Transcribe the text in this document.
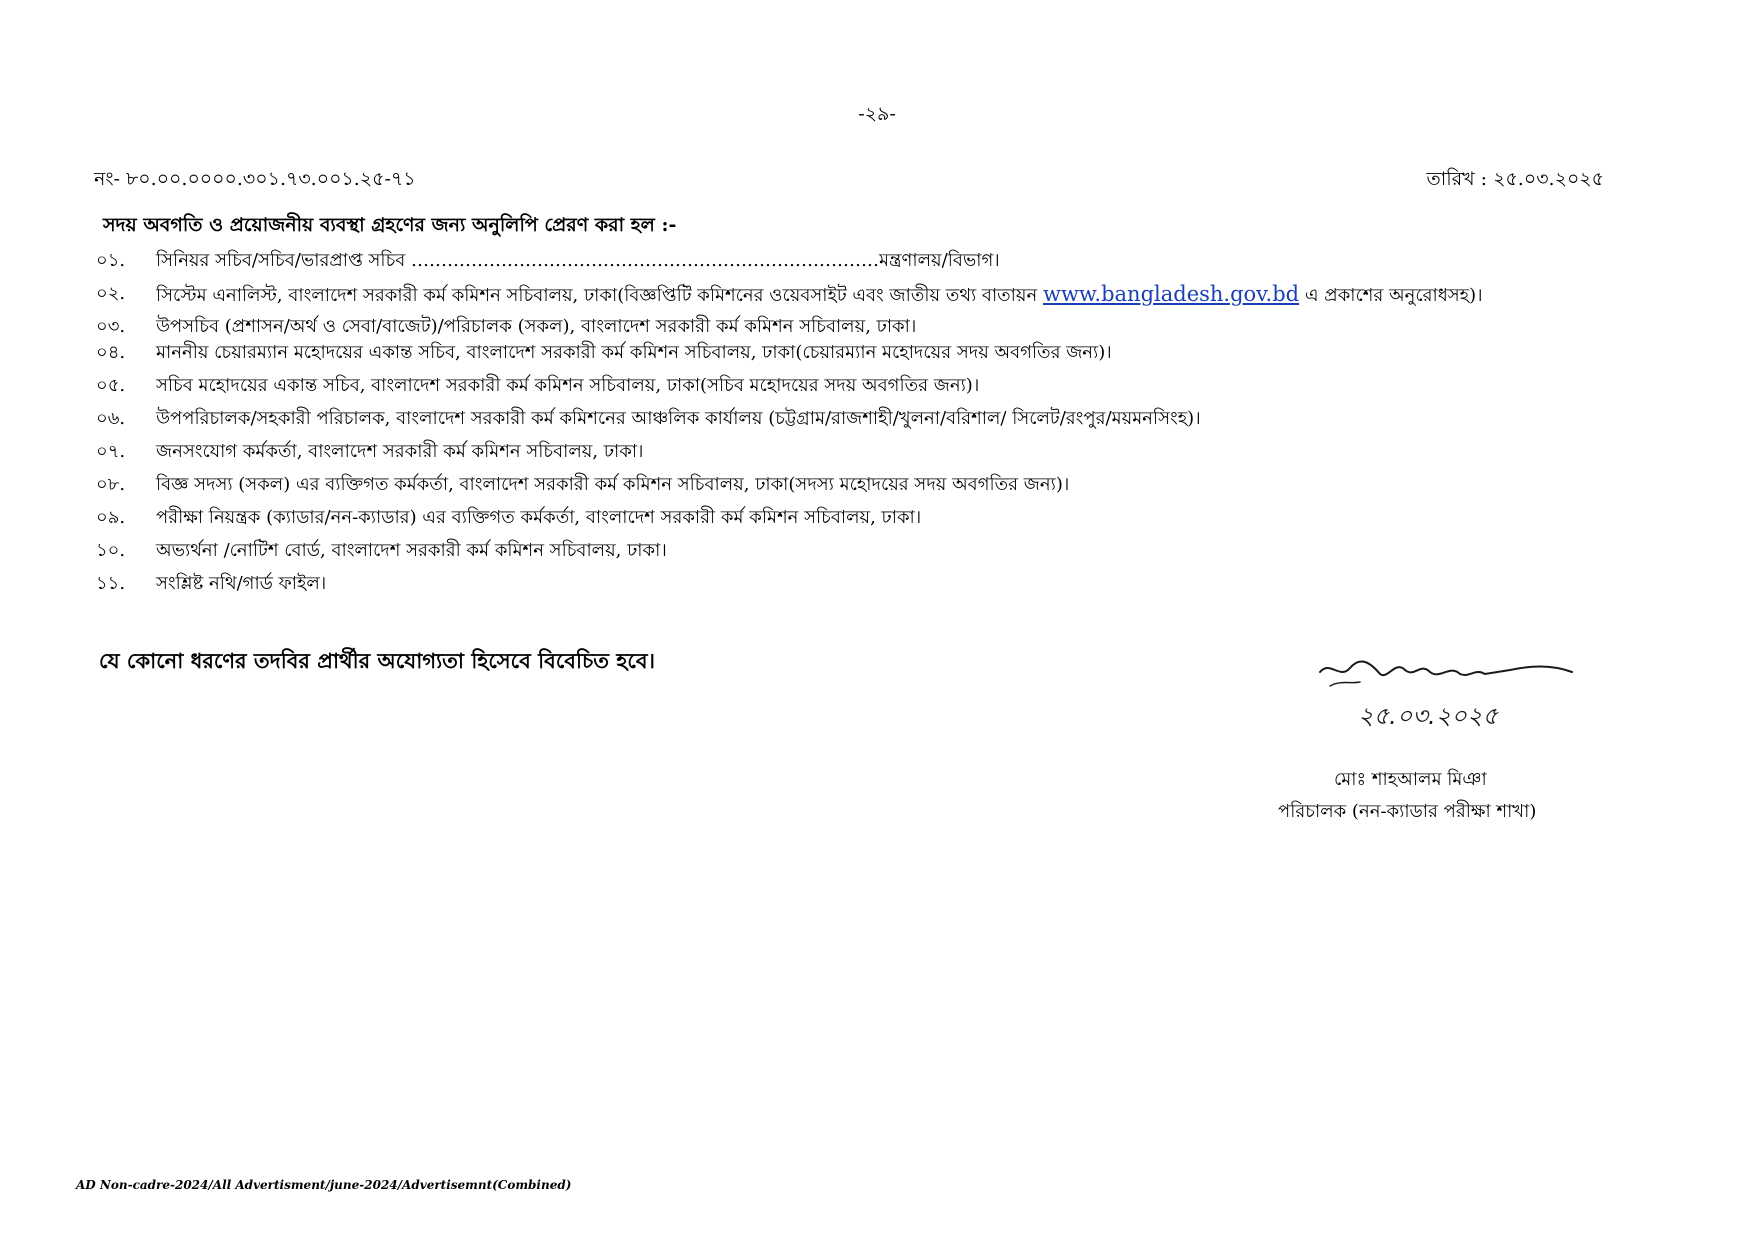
-২৯-
নং- ৮০.০০.০০০০.৩০১.৭৩.০০১.২৫-৭১	তারিখ : ২৫.০৩.২০২৫
সদয় অবগতি ও প্রয়োজনীয় ব্যবস্থা গ্রহণের জন্য অনুলিপি প্রেরণ করা হল :-
০১.	সিনিয়র সচিব/সচিব/ভারপ্রাপ্ত সচিব ……………………………………………………………………মন্ত্রণালয়/বিভাগ।
০২.	সিস্টেম এনালিস্ট, বাংলাদেশ সরকারী কর্ম কমিশন সচিবালয়, ঢাকা(বিজ্ঞপ্তিটি কমিশনের ওয়েবসাইট এবং জাতীয় তথ্য বাতায়ন www.bangladesh.gov.bd এ প্রকাশের অনুরোধসহ)।
০৩.	উপসচিব (প্রশাসন/অর্থ ও সেবা/বাজেট)/পরিচালক (সকল), বাংলাদেশ সরকারী কর্ম কমিশন সচিবালয়, ঢাকা।
০৪.	মাননীয় চেয়ারম্যান মহোদয়ের একান্ত সচিব, বাংলাদেশ সরকারী কর্ম কমিশন সচিবালয়, ঢাকা(চেয়ারম্যান মহোদয়ের সদয় অবগতির জন্য)।
০৫.	সচিব মহোদয়ের একান্ত সচিব, বাংলাদেশ সরকারী কর্ম কমিশন সচিবালয়, ঢাকা(সচিব মহোদয়ের সদয় অবগতির জন্য)।
০৬.	উপপরিচালক/সহকারী পরিচালক, বাংলাদেশ সরকারী কর্ম কমিশনের আঞ্চলিক কার্যালয় (চট্টগ্রাম/রাজশাহী/খুলনা/বরিশাল/ সিলেট/রংপুর/ময়মনসিংহ)।
০৭.	জনসংযোগ কর্মকর্তা, বাংলাদেশ সরকারী কর্ম কমিশন সচিবালয়, ঢাকা।
০৮.	বিজ্ঞ সদস্য (সকল) এর ব্যক্তিগত কর্মকর্তা, বাংলাদেশ সরকারী কর্ম কমিশন সচিবালয়, ঢাকা(সদস্য মহোদয়ের সদয় অবগতির জন্য)।
০৯.	পরীক্ষা নিয়ন্ত্রক (ক্যাডার/নন-ক্যাডার) এর ব্যক্তিগত কর্মকর্তা, বাংলাদেশ সরকারী কর্ম কমিশন সচিবালয়, ঢাকা।
১০.	অভ্যর্থনা /নোটিশ বোর্ড, বাংলাদেশ সরকারী কর্ম কমিশন সচিবালয়, ঢাকা।
১১.	সংশ্লিষ্ট নথি/গার্ড ফাইল।
যে কোনো ধরণের তদবির প্রার্থীর অযোগ্যতা হিসেবে বিবেচিত হবে।
২৫.০৩.২০২৫
মোঃ শাহআলম মিঞা
পরিচালক (নন-ক্যাডার পরীক্ষা শাখা)
AD Non-cadre-2024/All Advertisment/june-2024/Advertisemnt(Combined)
